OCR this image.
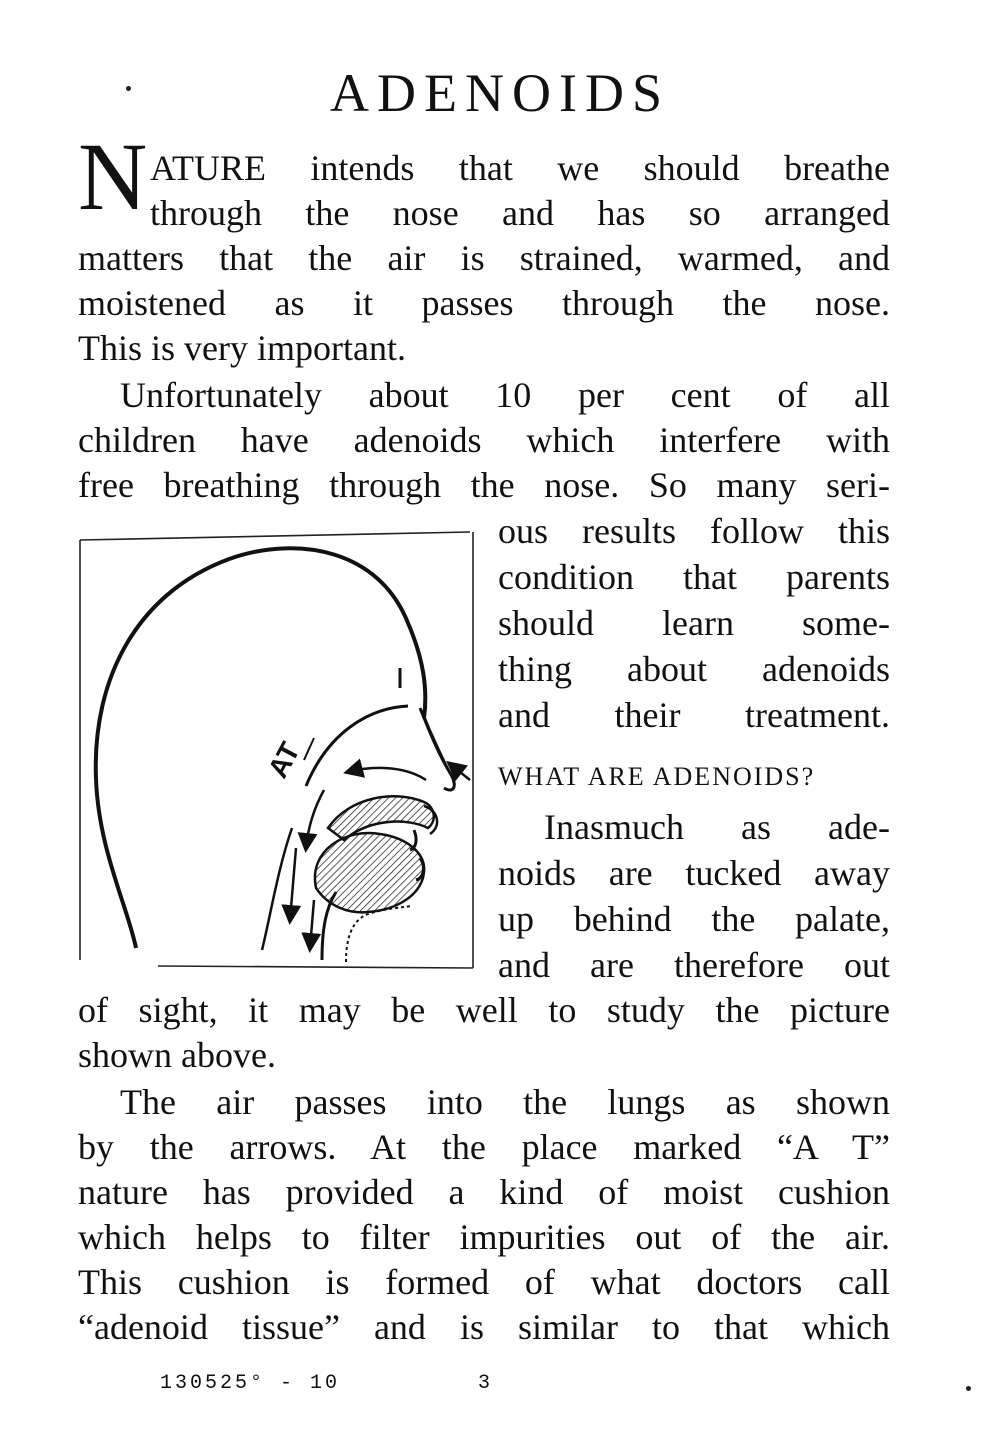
ADENOIDS
N ATURE intends that we should breathe
through the nose and has so arranged
matters that the air is strained, warmed, and
moistened as it passes through the nose.
This is very important.
Unfortunately about 10 per cent of all
children have adenoids which interfere with
free breathing through the nose. So many seri-
ous results follow this
condition that parents
should learn some-
thing about adenoids
and their treatment.
WHAT ARE ADENOIDS?
Inasmuch as ade-
noids are tucked away
up behind the palate,
and are therefore out
of sight, it may be well to study the picture
shown above.
The air passes into the lungs as shown
by the arrows. At the place marked “A T”
nature has provided a kind of moist cushion
which helps to filter impurities out of the air.
This cushion is formed of what doctors call
“adenoid tissue” and is similar to that which
AT
130525° - 10	3
